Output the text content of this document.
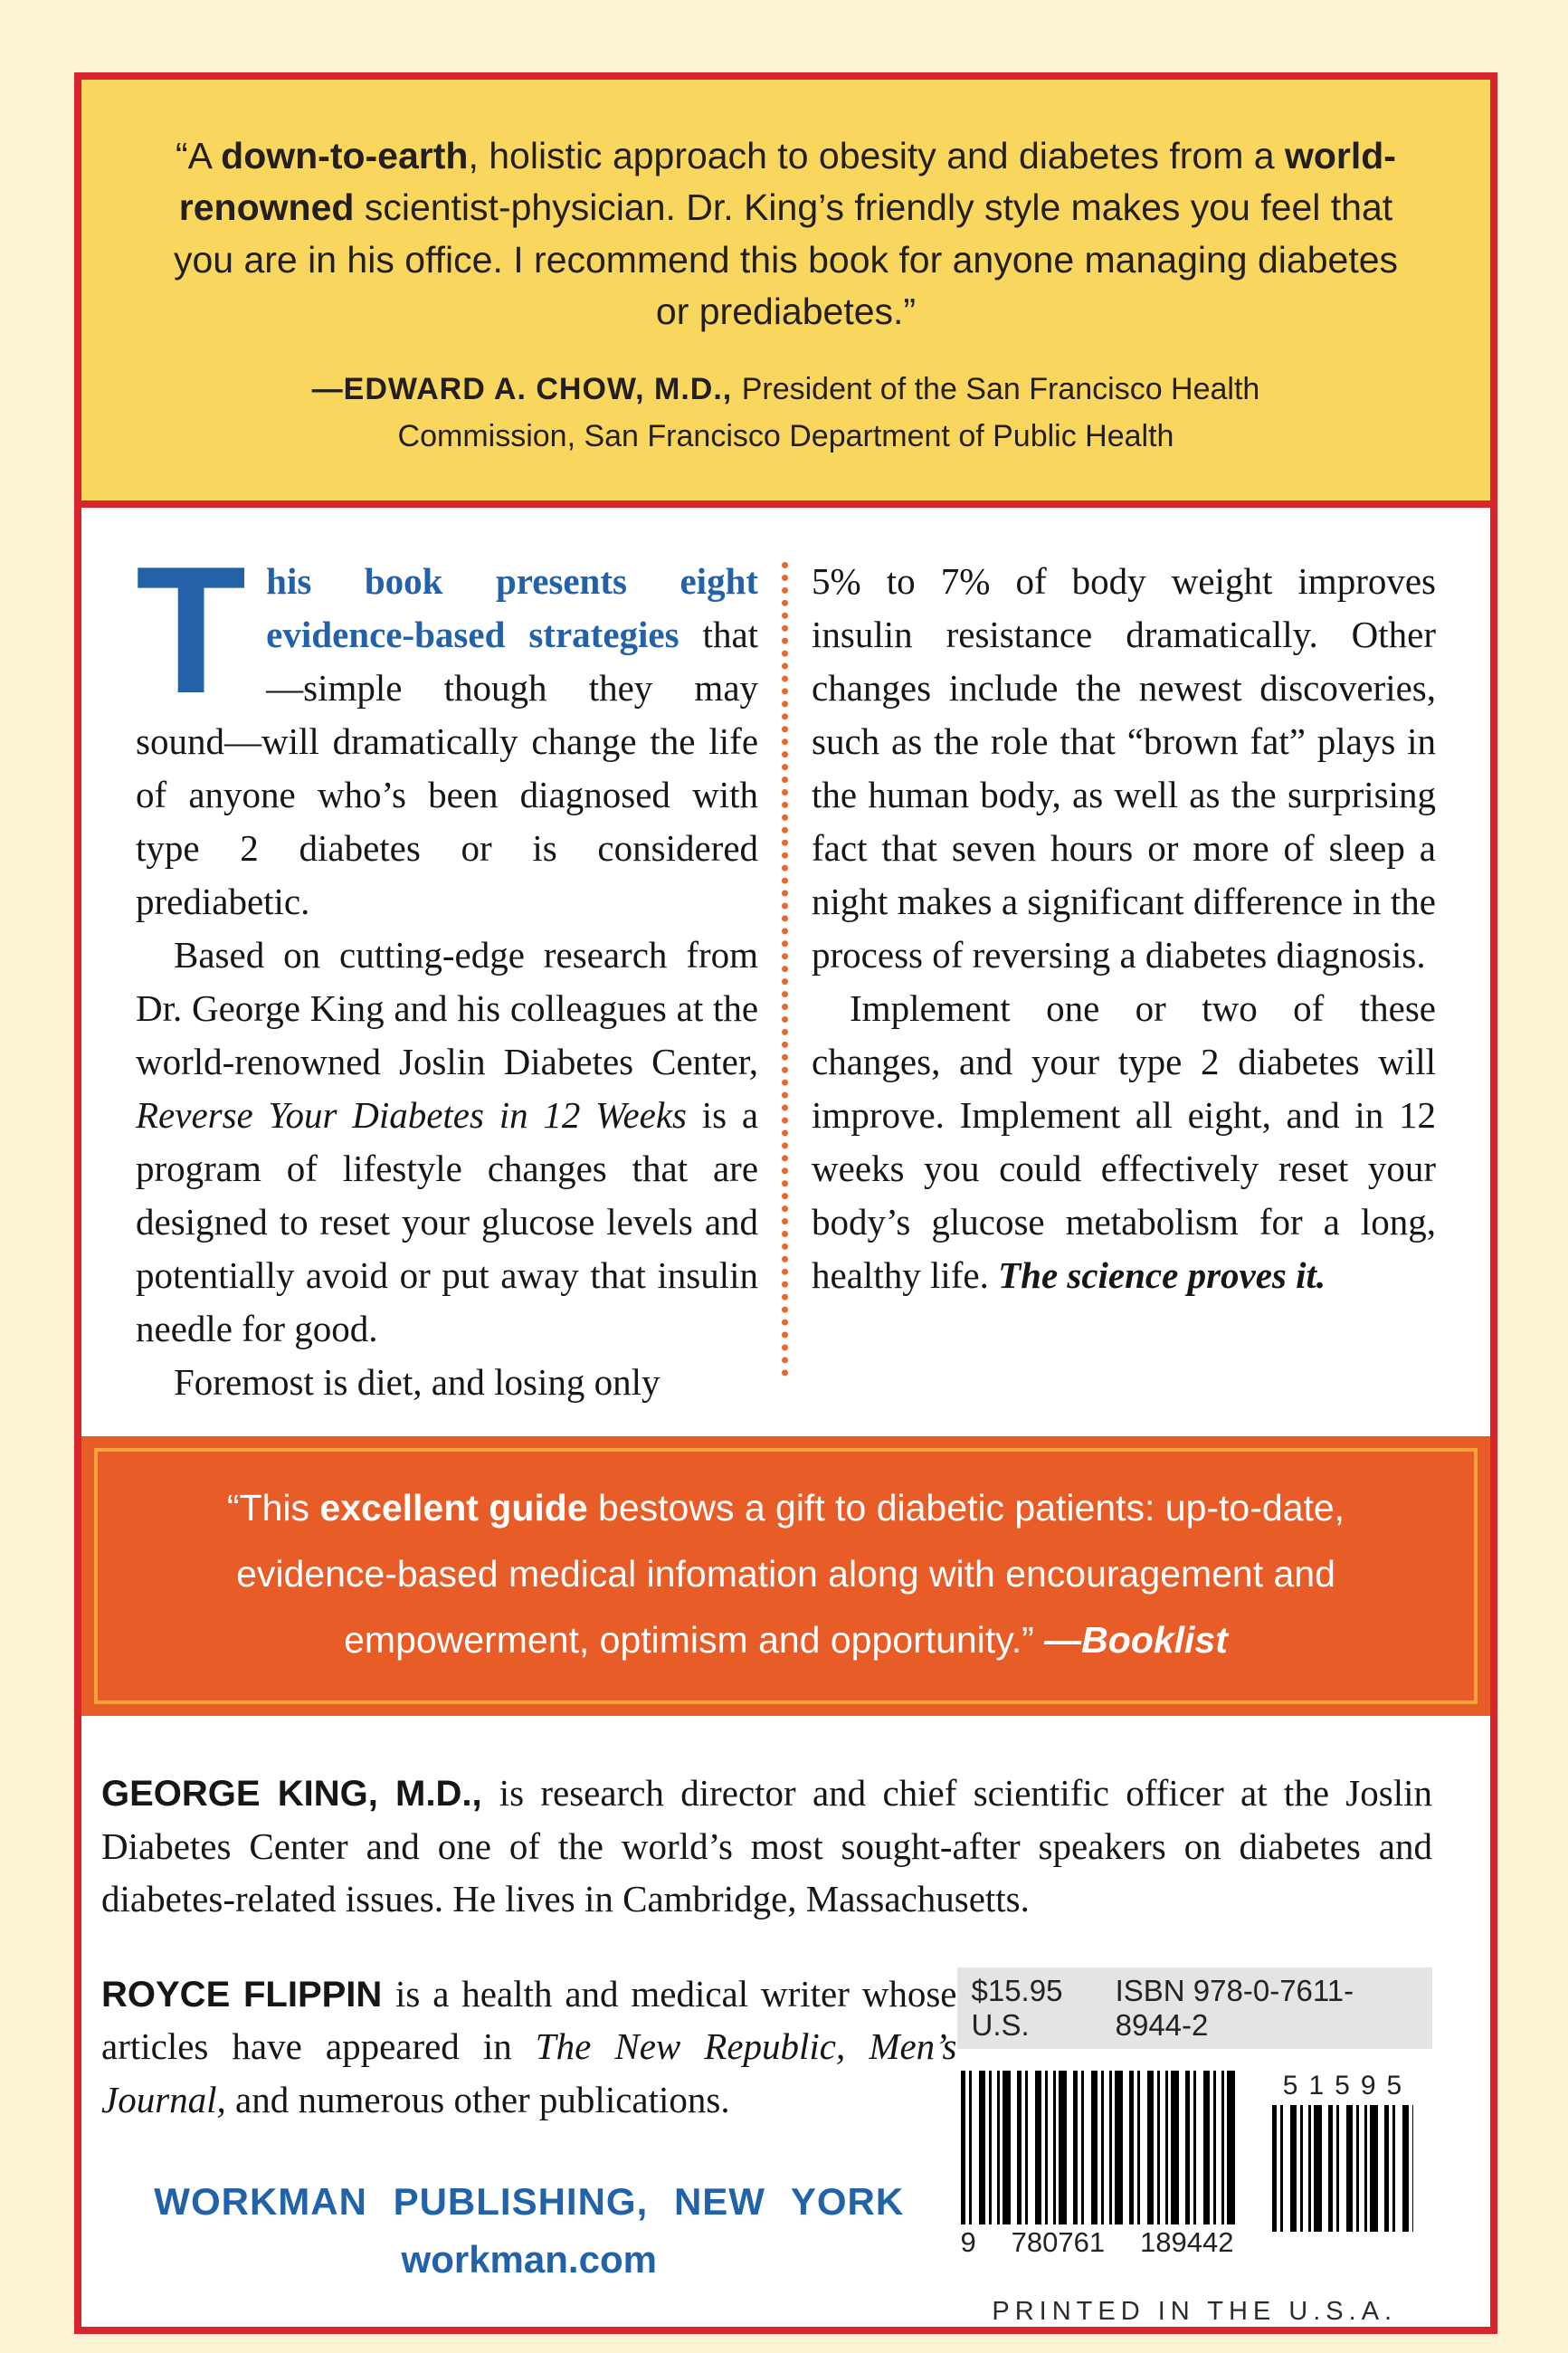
“A down-to-earth, holistic approach to obesity and diabetes from a world-renowned scientist-physician. Dr. King’s friendly style makes you feel that you are in his office. I recommend this book for anyone managing diabetes or prediabetes.”

—EDWARD A. CHOW, M.D., President of the San Francisco Health Commission, San Francisco Department of Public Health

This book presents eight evidence-based strategies that—simple though they may sound—will dramatically change the life of anyone who’s been diagnosed with type 2 diabetes or is considered prediabetic.

Based on cutting-edge research from Dr. George King and his colleagues at the world-renowned Joslin Diabetes Center, Reverse Your Diabetes in 12 Weeks is a program of lifestyle changes that are designed to reset your glucose levels and potentially avoid or put away that insulin needle for good.

Foremost is diet, and losing only

5% to 7% of body weight improves insulin resistance dramatically. Other changes include the newest discoveries, such as the role that “brown fat” plays in the human body, as well as the surprising fact that seven hours or more of sleep a night makes a significant difference in the process of reversing a diabetes diagnosis.

Implement one or two of these changes, and your type 2 diabetes will improve. Implement all eight, and in 12 weeks you could effectively reset your body’s glucose metabolism for a long, healthy life. The science proves it.

“This excellent guide bestows a gift to diabetic patients: up-to-date, evidence-based medical infomation along with encouragement and empowerment, optimism and opportunity.” —Booklist

GEORGE KING, M.D., is research director and chief scientific officer at the Joslin Diabetes Center and one of the world’s most sought-after speakers on diabetes and diabetes-related issues. He lives in Cambridge, Massachusetts.

ROYCE FLIPPIN is a health and medical writer whose articles have appeared in The New Republic, Men’s Journal, and numerous other publications.

WORKMAN PUBLISHING, NEW YORK
workman.com
$15.95 U.S.
ISBN 978-0-7611-8944-2
9 780761 189442
51595
PRINTED IN THE U.S.A.
